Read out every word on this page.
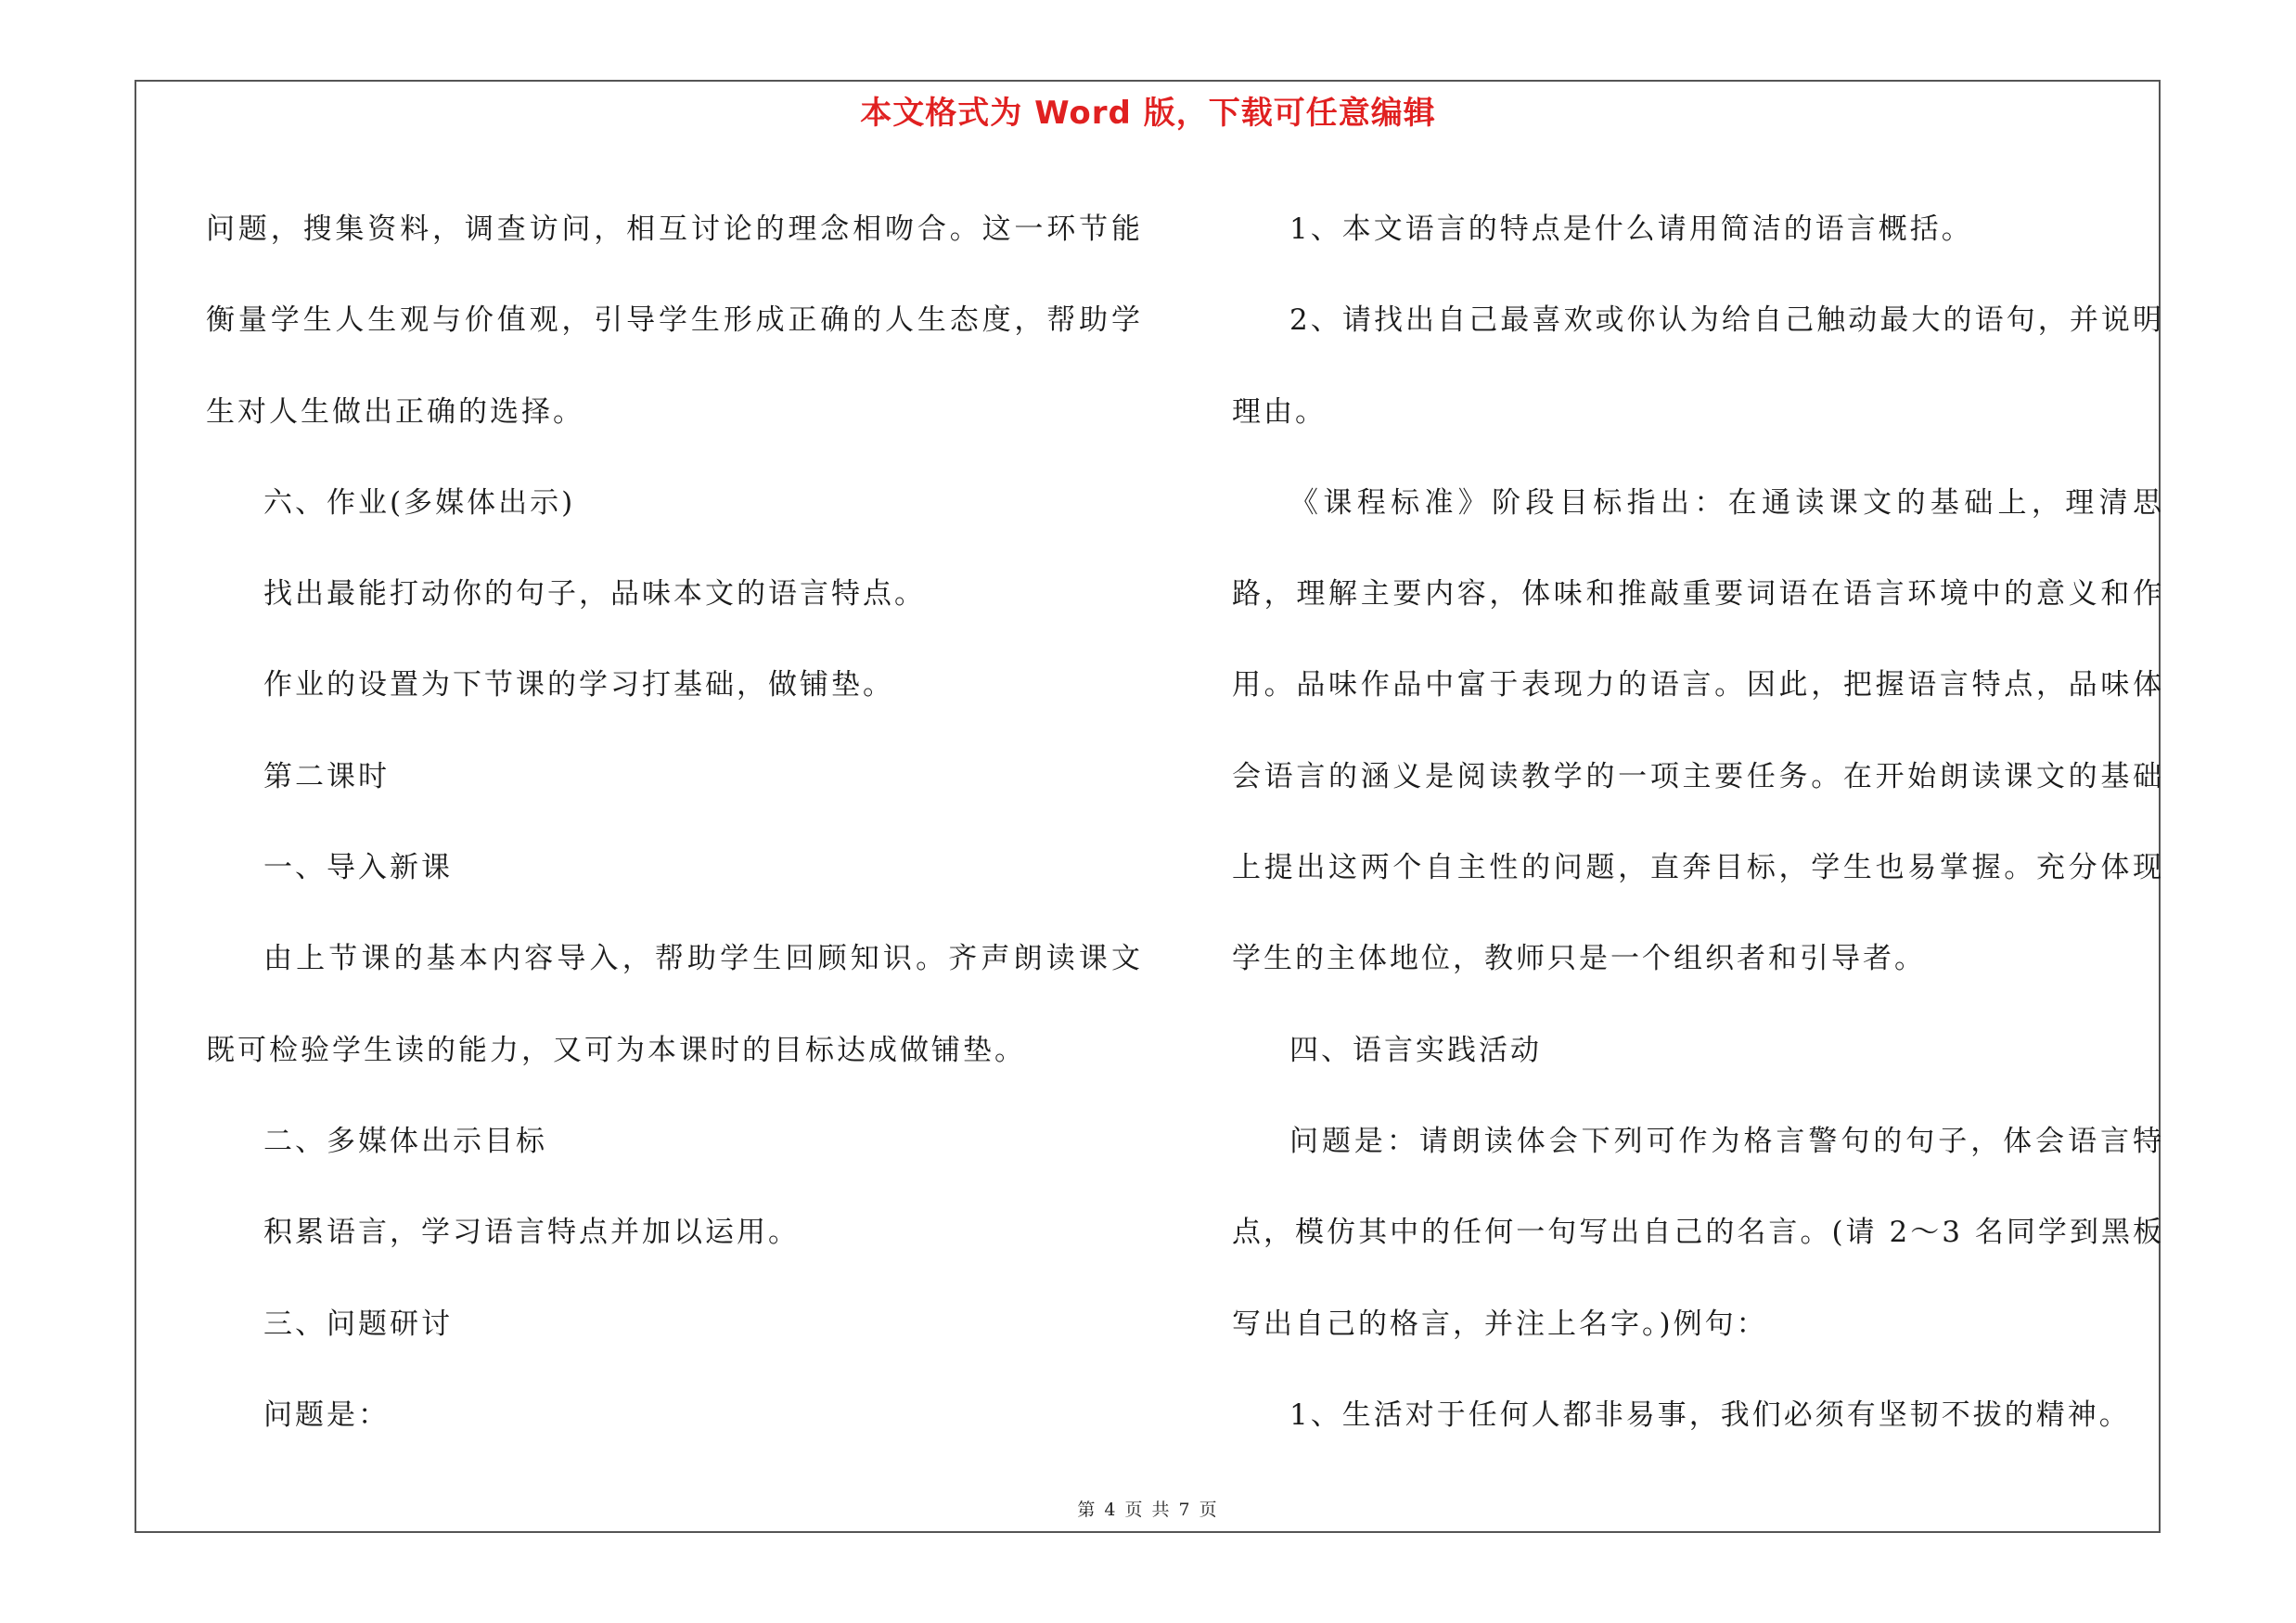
本文格式为 Word 版，下载可任意编辑

问题，搜集资料，调查访问，相互讨论的理念相吻合。这一环节能衡量学生人生观与价值观，引导学生形成正确的人生态度，帮助学生对人生做出正确的选择。

六、作业(多媒体出示)

找出最能打动你的句子，品味本文的语言特点。

作业的设置为下节课的学习打基础，做铺垫。

第二课时

一、导入新课

由上节课的基本内容导入，帮助学生回顾知识。齐声朗读课文既可检验学生读的能力，又可为本课时的目标达成做铺垫。

二、多媒体出示目标

积累语言，学习语言特点并加以运用。

三、问题研讨

问题是：

1、本文语言的特点是什么请用简洁的语言概括。

2、请找出自己最喜欢或你认为给自己触动最大的语句，并说明理由。

《课程标准》阶段目标指出：在通读课文的基础上，理清思路，理解主要内容，体味和推敲重要词语在语言环境中的意义和作用。品味作品中富于表现力的语言。因此，把握语言特点，品味体会语言的涵义是阅读教学的一项主要任务。在开始朗读课文的基础上提出这两个自主性的问题，直奔目标，学生也易掌握。充分体现学生的主体地位，教师只是一个组织者和引导者。

四、语言实践活动

问题是：请朗读体会下列可作为格言警句的句子，体会语言特点，模仿其中的任何一句写出自己的名言。(请 2～3 名同学到黑板写出自己的格言，并注上名字。)例句：

1、生活对于任何人都非易事，我们必须有坚韧不拔的精神。

第 4 页 共 7 页
